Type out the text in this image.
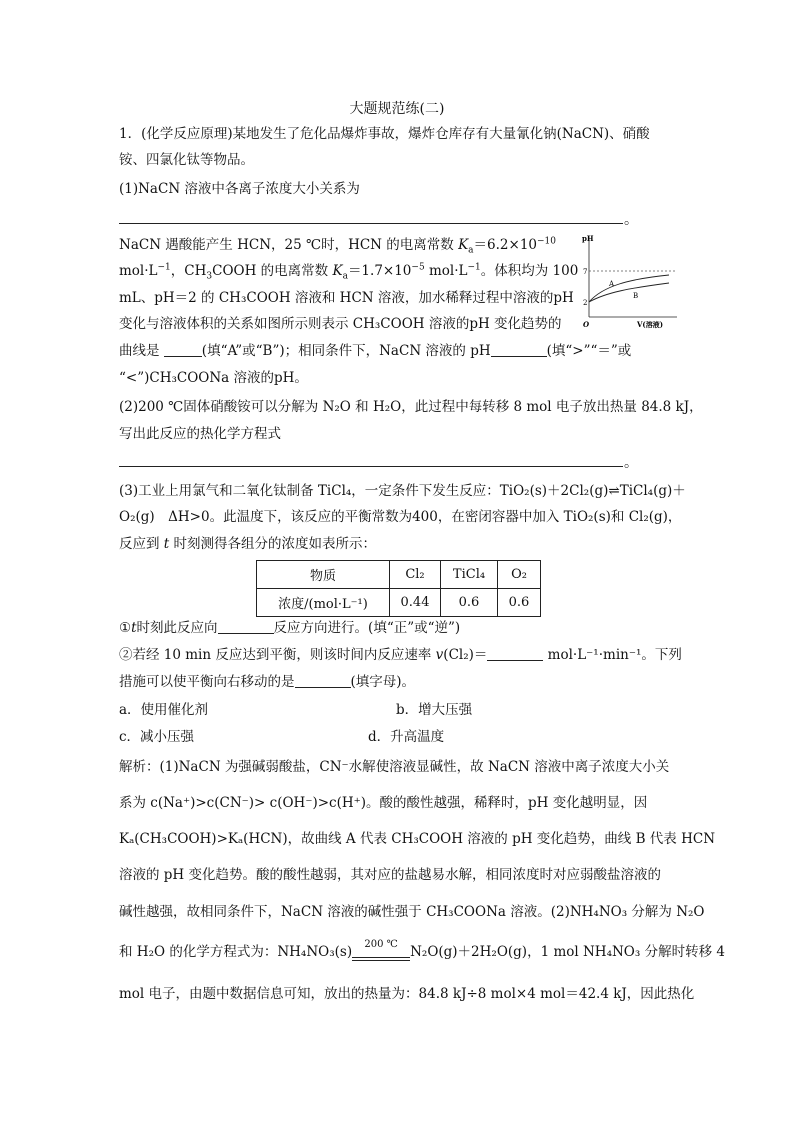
大题规范练(二)
1．(化学反应原理)某地发生了危化品爆炸事故，爆炸仓库存有大量氰化钠(NaCN)、硝酸
铵、四氯化钛等物品。
(1)NaCN 溶液中各离子浓度大小关系为
。
NaCN 遇酸能产生 HCN，25 ℃时，HCN 的电离常数 $K_a=6.2\times 10^{-10}$
$mol\cdot L^{-1}$，$CH_3COOH$ 的电离常数 $K_a=1.7\times 10^{-5}$ $mol\cdot L^{-1}$。体积均为 100
mL、pH＝2 的 CH₃COOH 溶液和 HCN 溶液，加水稀释过程中溶液的pH
变化与溶液体积的关系如图所示则表示 CH₃COOH 溶液的pH 变化趋势的
曲线是	(填“A”或“B”)；相同条件下，NaCN 溶液的 pH	(填“>”“＝”或
“<”)CH₃COONa 溶液的pH。
pH
7
2
A
B
O	V(溶液)
(2)200 ℃固体硝酸铵可以分解为 N₂O 和 H₂O，此过程中每转移 8 mol 电子放出热量 84.8 kJ，
写出此反应的热化学方程式
。
(3)工业上用氯气和二氧化钛制备 TiCl₄，一定条件下发生反应：TiO₂(s)＋2Cl₂(g)⇌TiCl₄(g)＋
O₂(g)　ΔH>0。此温度下，该反应的平衡常数为400，在密闭容器中加入 TiO₂(s)和 Cl₂(g)，
反应到 t 时刻测得各组分的浓度如表所示：
物质	Cl₂	TiCl₄	O₂
浓度/(mol·L⁻¹)	0.44	0.6	0.6
①t时刻此反应向	反应方向进行。(填“正”或“逆”)
②若经 10 min 反应达到平衡，则该时间内反应速率 v(Cl₂)＝	mol·L⁻¹·min⁻¹。下列
措施可以使平衡向右移动的是	(填字母)。
a．使用催化剂	b．增大压强
c．减小压强	d．升高温度
解析：(1)NaCN 为强碱弱酸盐，CN⁻水解使溶液显碱性，故 NaCN 溶液中离子浓度大小关
系为 c(Na⁺)>c(CN⁻)> c(OH⁻)>c(H⁺)。酸的酸性越强，稀释时，pH 变化越明显，因
Kₐ(CH₃COOH)>Kₐ(HCN)，故曲线 A 代表 CH₃COOH 溶液的 pH 变化趋势，曲线 B 代表 HCN
溶液的 pH 变化趋势。酸的酸性越弱，其对应的盐越易水解，相同浓度时对应弱酸盐溶液的
碱性越强，故相同条件下，NaCN 溶液的碱性强于 CH₃COONa 溶液。(2)NH₄NO₃ 分解为 N₂O
和 H₂O 的化学方程式为：NH₄NO₃(s)	200 ℃ N₂O(g)＋2H₂O(g)，1 mol NH₄NO₃ 分解时转移 4
mol 电子，由题中数据信息可知，放出的热量为：84.8 kJ÷8 mol×4 mol＝42.4 kJ，因此热化
